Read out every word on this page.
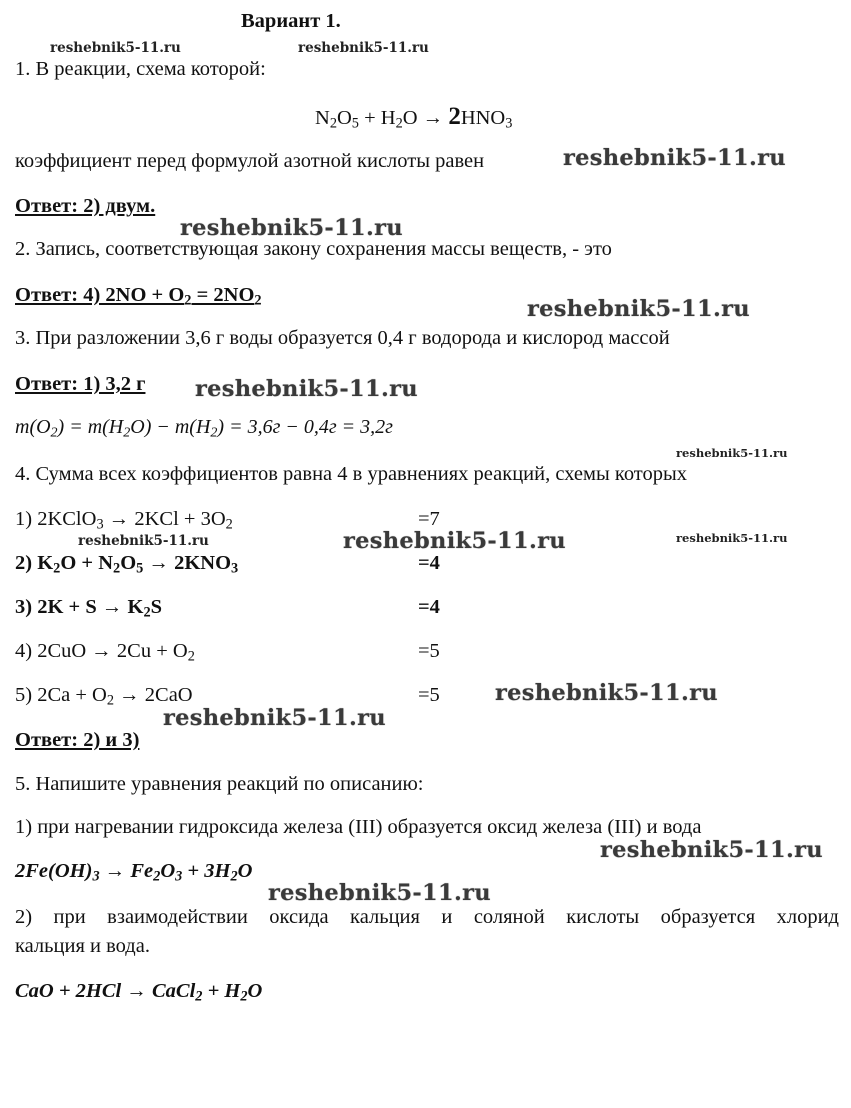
Вариант 1.
reshebnik5-11.ru	reshebnik5-11.ru
reshebnik5-11.ru
reshebnik5-11.ru
reshebnik5-11.ru
reshebnik5-11.ru
reshebnik5-11.ru
reshebnik5-11.ru	reshebnik5-11.ru	reshebnik5-11.ru
reshebnik5-11.ru
reshebnik5-11.ru
reshebnik5-11.ru
reshebnik5-11.ru
1. В реакции, схема которой:
$N_2O_5 + H_2O \to 2HNO_3$
коэффициент перед формулой азотной кислоты равен
Ответ: 2) двум.
2. Запись, соответствующая закону сохранения массы веществ, - это
Ответ: 4) $2NO + O_2 = 2NO_2$
3. При разложении 3,6 г воды образуется 0,4 г водорода и кислород массой
Ответ: 1) 3,2 г
$m(O_2) = m(H_2O) - m(H_2) = 3,6г - 0,4г = 3,2г$
4. Сумма всех коэффициентов равна 4 в уравнениях реакций, схемы которых
1) 2KClO$_3$ → $2KCl + 3O_2$	=7
2) $K_2O + N_2O_5 \to 2KNO_3$	=4
3) $2K + S \to K_2S$	=4
4) $2CuO \to 2Cu + O_2$	=5
5) $2Ca + O_2 \to 2CaO$	=5
Ответ: 2) и 3)
5. Напишите уравнения реакций по описанию:
1) при нагревании гидроксида железа (III) образуется оксид железа (III) и вода
$2Fe(OH)_3 \to Fe_2O_3 + 3H_2O$
2) при взаимодействии оксида кальция и соляной кислоты образуется хлорид
кальция и вода.
CaO + 2HCl → CaCl$_2$ + $H_2O$
